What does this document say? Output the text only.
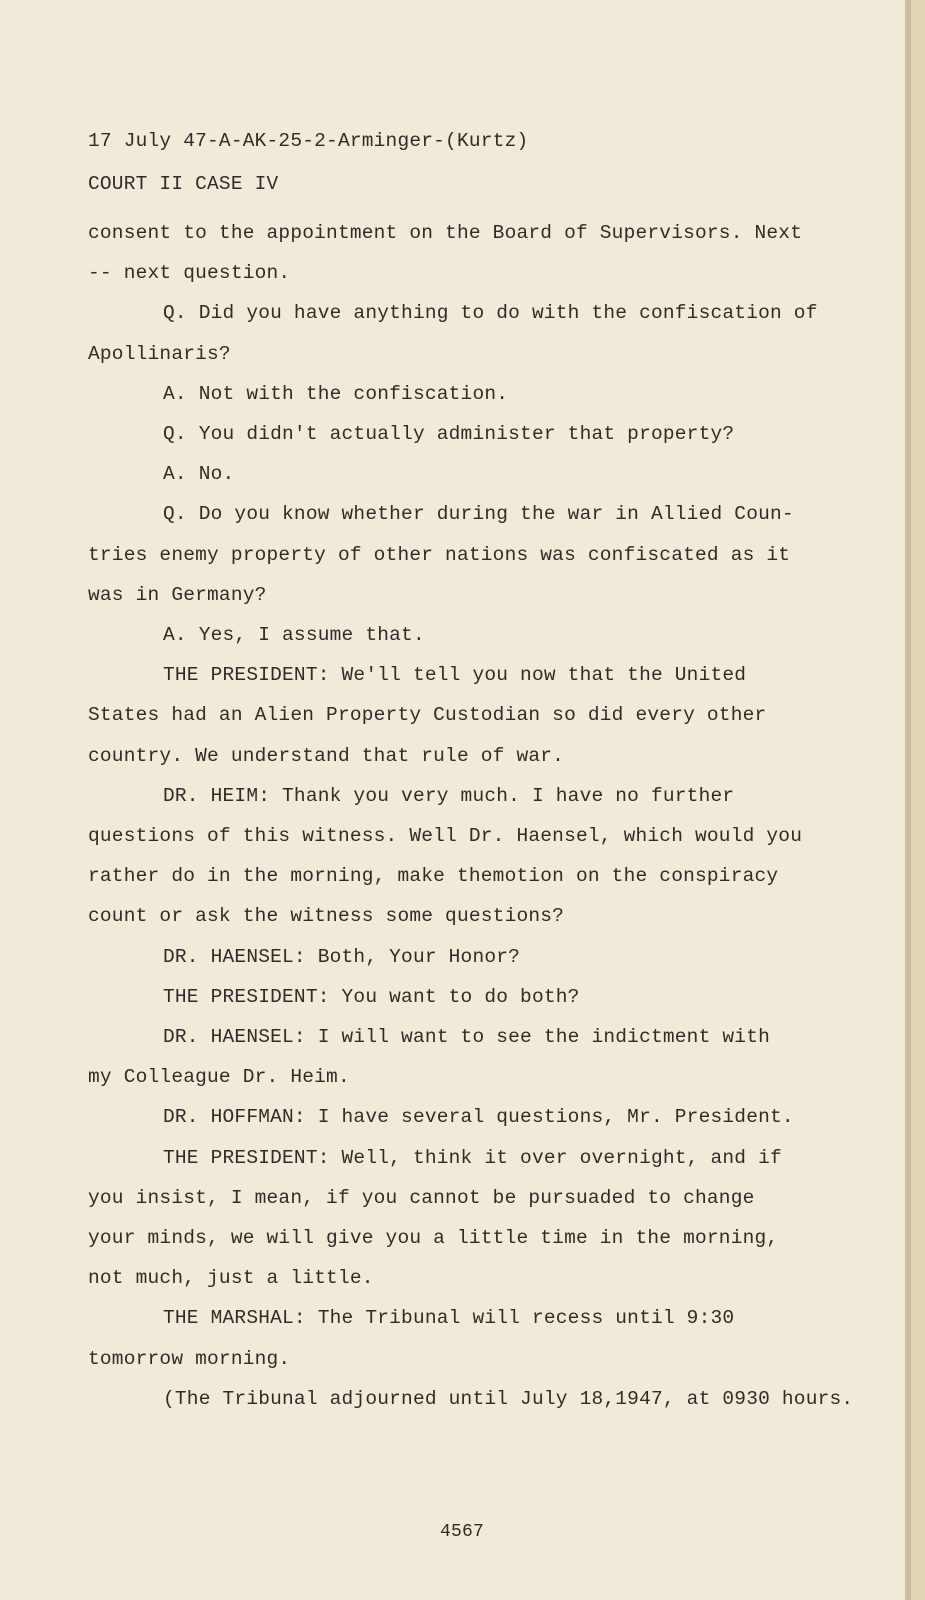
17 July 47-A-AK-25-2-Arminger-(Kurtz)
COURT II CASE IV
consent to the appointment on the Board of Supervisors. Next
-- next question.
Q. Did you have anything to do with the confiscation of
Apollinaris?
A. Not with the confiscation.
Q. You didn't actually administer that property?
A. No.
Q. Do you know whether during the war in Allied Coun-
tries enemy property of other nations was confiscated as it
was in Germany?
A. Yes, I assume that.
THE PRESIDENT: We'll tell you now that the United
States had an Alien Property Custodian so did every other
country. We understand that rule of war.
DR. HEIM: Thank you very much. I have no further
questions of this witness. Well Dr. Haensel, which would you
rather do in the morning, make themotion on the conspiracy
count or ask the witness some questions?
DR. HAENSEL: Both, Your Honor?
THE PRESIDENT: You want to do both?
DR. HAENSEL: I will want to see the indictment with
my Colleague Dr. Heim.
DR. HOFFMAN: I have several questions, Mr. President.
THE PRESIDENT: Well, think it over overnight, and if
you insist, I mean, if you cannot be pursuaded to change
your minds, we will give you a little time in the morning,
not much, just a little.
THE MARSHAL: The Tribunal will recess until 9:30
tomorrow morning.
(The Tribunal adjourned until July 18,1947, at 0930 hours.
4567
